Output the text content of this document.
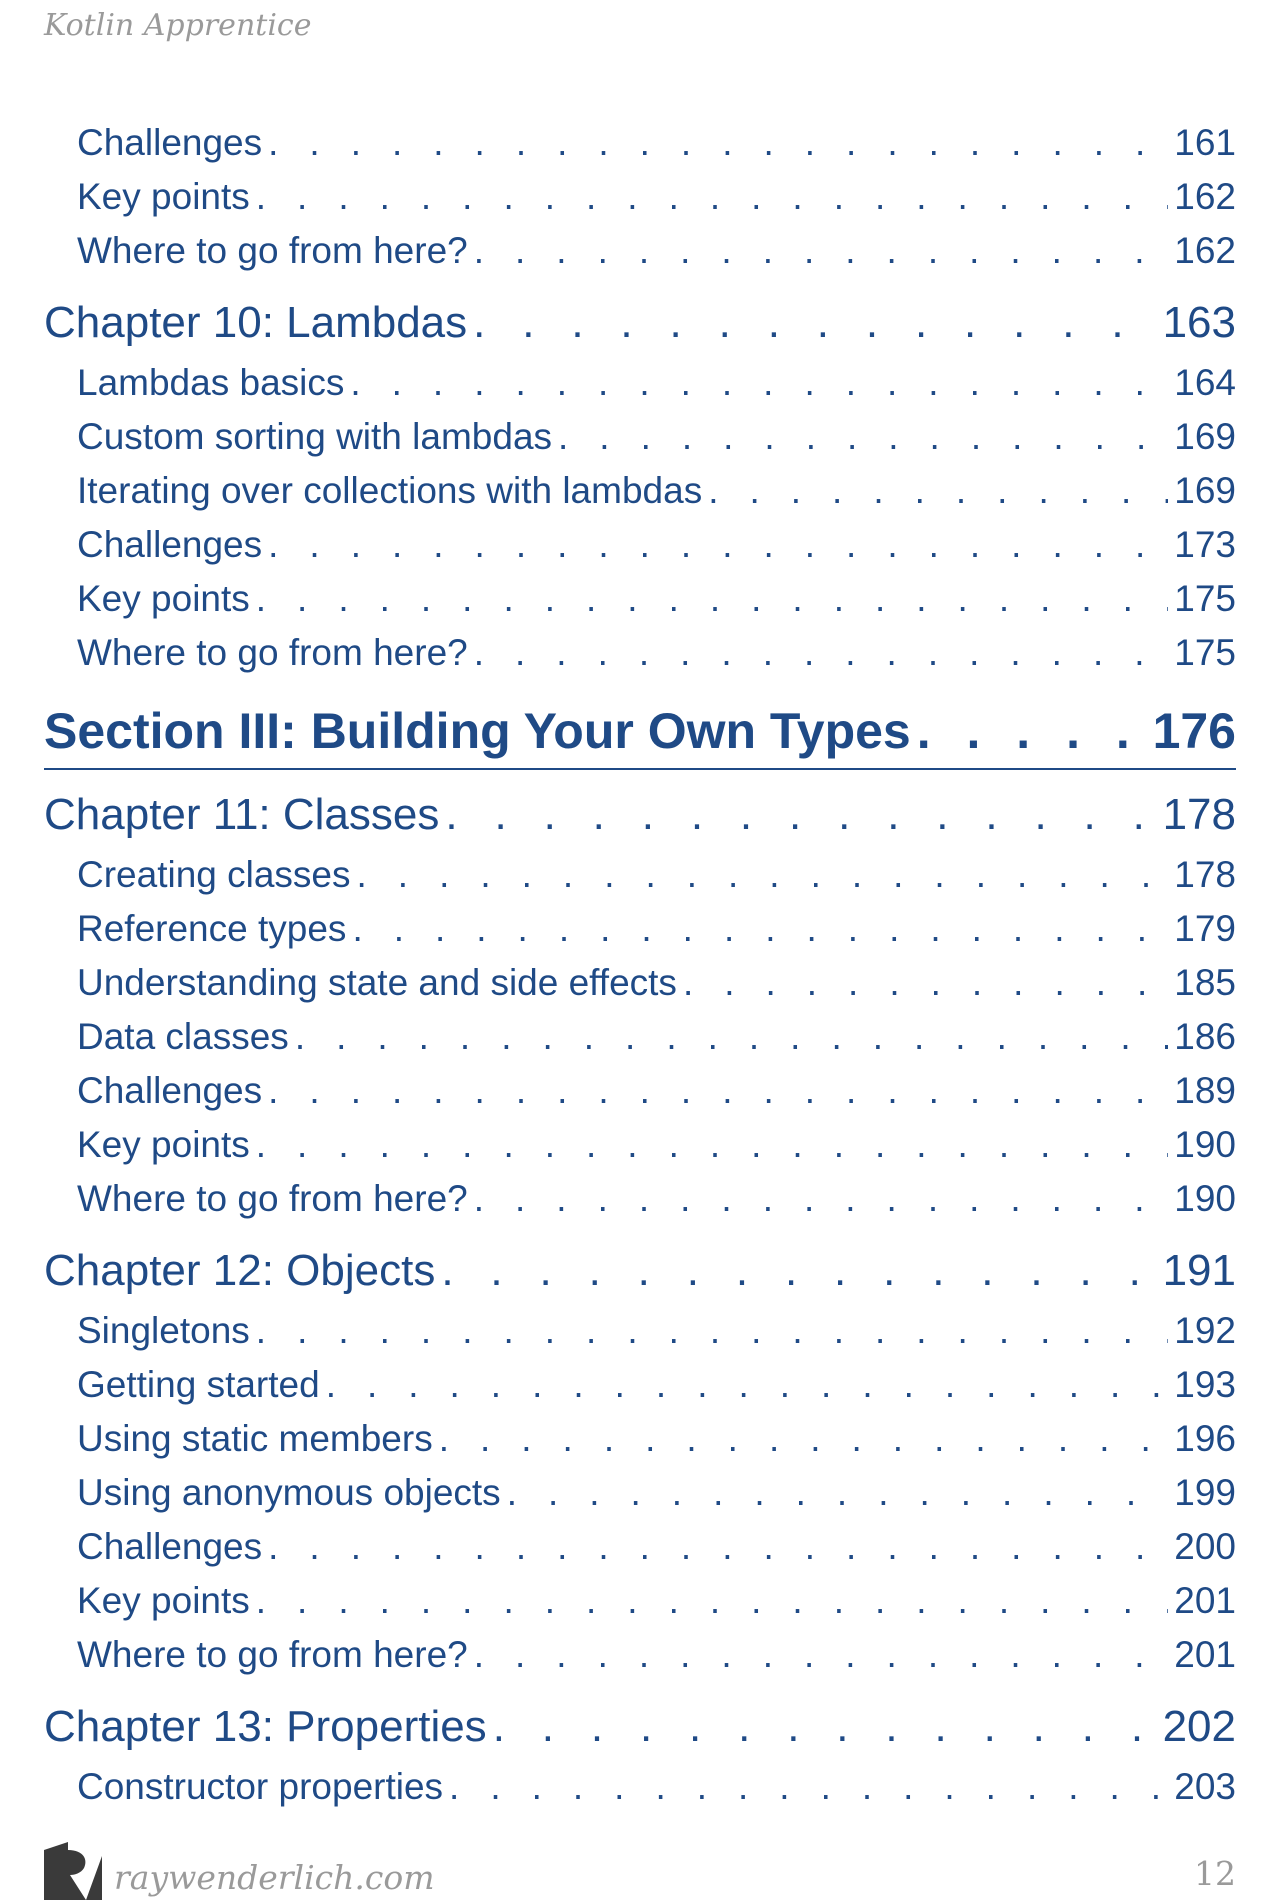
Kotlin Apprentice
Challenges . . .	161
Key points . . .	162
Where to go from here? . . .	162
Chapter 10: Lambdas . . .	163
Lambdas basics . . .	164
Custom sorting with lambdas . . .	169
Iterating over collections with lambdas . . .	169
Challenges . . .	173
Key points . . .	175
Where to go from here? . . .	175
Section III: Building Your Own Types . . .	176
Chapter 11: Classes . . .	178
Creating classes . . .	178
Reference types . . .	179
Understanding state and side effects . . .	185
Data classes . . .	186
Challenges . . .	189
Key points . . .	190
Where to go from here? . . .	190
Chapter 12: Objects . . .	191
Singletons . . .	192
Getting started . . .	193
Using static members . . .	196
Using anonymous objects . . .	199
Challenges . . .	200
Key points . . .	201
Where to go from here? . . .	201
Chapter 13: Properties . . .	202
Constructor properties . . .	203
raywenderlich.com	12
